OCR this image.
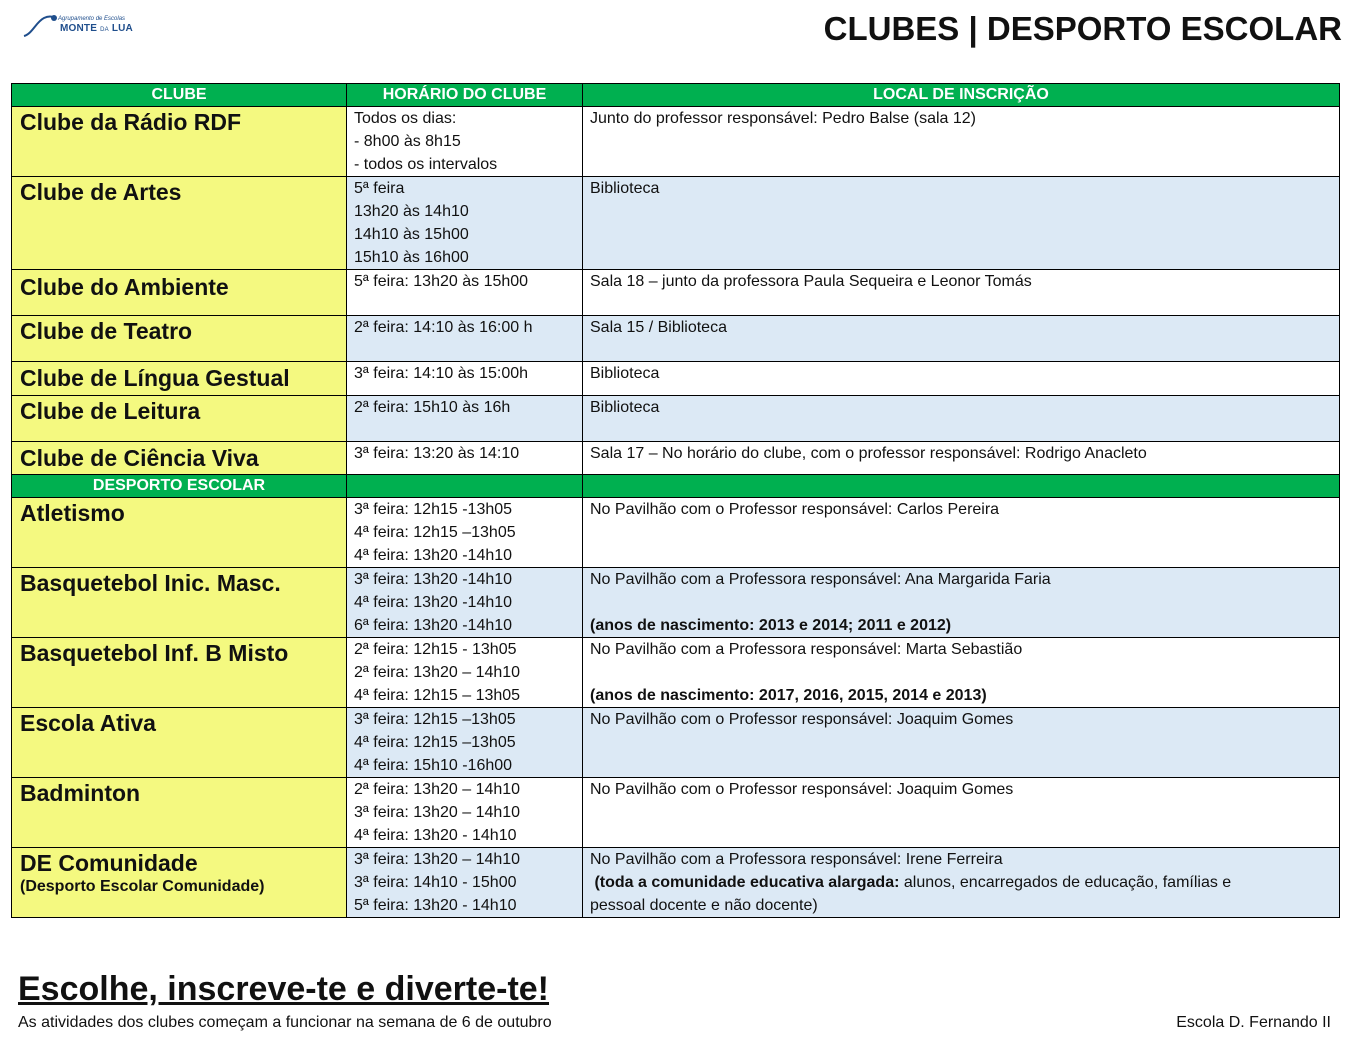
Agrupamento de Escolas
MONTE DA LUA	CLUBES | DESPORTO ESCOLAR
CLUBE	HORÁRIO DO CLUBE	LOCAL DE INSCRIÇÃO
Clube da Rádio RDF	Todos os dias:
- 8h00 às 8h15
- todos os intervalos	Junto do professor responsável: Pedro Balse (sala 12)
Clube de Artes	5ª feira
13h20 às 14h10
14h10 às 15h00
15h10 às 16h00	Biblioteca
Clube do Ambiente	5ª feira: 13h20 às 15h00	Sala 18 – junto da professora Paula Sequeira e Leonor Tomás
Clube de Teatro	2ª feira: 14:10 às 16:00 h	Sala 15 / Biblioteca
Clube de Língua Gestual	3ª feira: 14:10 às 15:00h	Biblioteca
Clube de Leitura	2ª feira: 15h10 às 16h	Biblioteca
Clube de Ciência Viva	3ª feira: 13:20 às 14:10	Sala 17 – No horário do clube, com o professor responsável: Rodrigo Anacleto
DESPORTO ESCOLAR		
Atletismo	3ª feira: 12h15 -13h05
4ª feira: 12h15 –13h05
4ª feira: 13h20 -14h10	No Pavilhão com o Professor responsável: Carlos Pereira
Basquetebol Inic. Masc.	3ª feira: 13h20 -14h10
4ª feira: 13h20 -14h10
6ª feira: 13h20 -14h10	No Pavilhão com a Professora responsável: Ana Margarida Faria
(anos de nascimento: 2013 e 2014; 2011 e 2012)

Basquetebol Inf. B Misto	2ª feira: 12h15 - 13h05
2ª feira: 13h20 – 14h10
4ª feira: 12h15 – 13h05	No Pavilhão com a Professora responsável: Marta Sebastião
(anos de nascimento: 2017, 2016, 2015, 2014 e 2013)

Escola Ativa	3ª feira: 12h15 –13h05
4ª feira: 12h15 –13h05
4ª feira: 15h10 -16h00	No Pavilhão com o Professor responsável: Joaquim Gomes
Badminton	2ª feira: 13h20 – 14h10
3ª feira: 13h20 – 14h10
4ª feira: 13h20 - 14h10	No Pavilhão com o Professor responsável: Joaquim Gomes
DE Comunidade
(Desporto Escolar Comunidade)	3ª feira: 13h20 – 14h10
3ª feira: 14h10 - 15h00
5ª feira: 13h20 - 14h10	No Pavilhão com a Professora responsável: Irene Ferreira
(toda a comunidade educativa alargada: alunos, encarregados de educação, famílias e
pessoal docente e não docente)
Escolhe, inscreve-te e diverte-te!
As atividades dos clubes começam a funcionar na semana de 6 de outubro	Escola D. Fernando II
